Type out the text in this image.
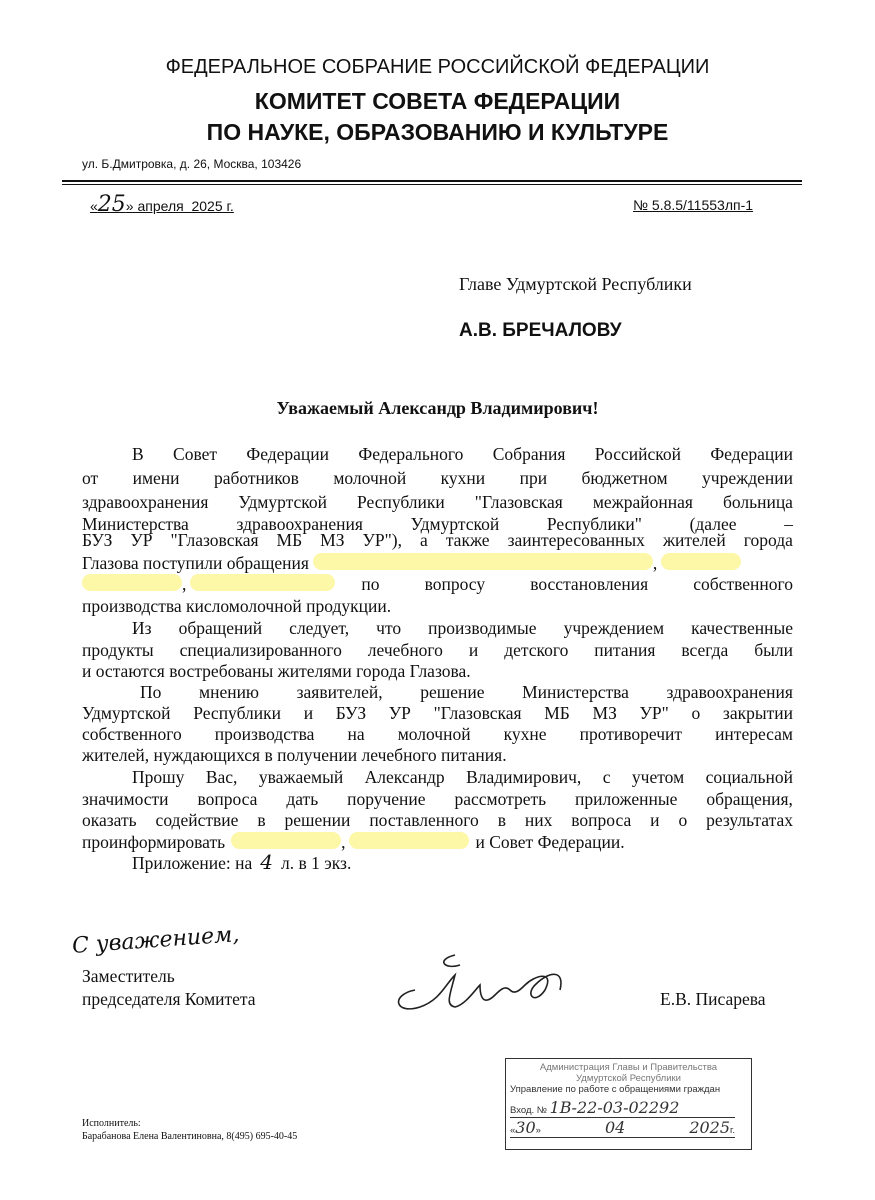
ФЕДЕРАЛЬНОЕ СОБРАНИЕ РОССИЙСКОЙ ФЕДЕРАЦИИ
КОМИТЕТ СОВЕТА ФЕДЕРАЦИИ
ПО НАУКЕ, ОБРАЗОВАНИЮ И КУЛЬТУРЕ
ул. Б.Дмитровка, д. 26, Москва, 103426
«25» апреля  2025 г.	№ 5.8.5/11553лп-1
Главе Удмуртской Республики
А.В. БРЕЧАЛОВУ
Уважаемый Александр Владимирович!
В Совет Федерации Федерального Собрания Российской Федерации
от имени работников молочной кухни при бюджетном учреждении
здравоохранения Удмуртской Республики "Глазовская межрайонная больница
Министерства	здравоохранения	Удмуртской	Республики"	(далее	–
БУЗ УР "Глазовская МБ МЗ УР"), а также заинтересованных жителей города
Глазова поступили обращения	,
,	по вопросу восстановления собственного
производства кисломолочной продукции.
Из обращений следует, что производимые учреждением качественные
продукты специализированного лечебного и детского питания всегда были
и остаются востребованы жителями города Глазова.
По мнению заявителей, решение Министерства здравоохранения
Удмуртской Республики и БУЗ УР "Глазовская МБ МЗ УР" о закрытии
собственного производства на молочной кухне противоречит интересам
жителей, нуждающихся в получении лечебного питания.
Прошу Вас, уважаемый Александр Владимирович, с учетом социальной
значимости вопроса дать поручение рассмотреть приложенные обращения,
оказать содействие в решении поставленного в них вопроса и о результатах
проинформировать	,	и Совет Федерации.
Приложение: на 4 л. в 1 экз.
С уважением,
Заместитель
председателя Комитета	Е.В. Писарева
Администрация Главы и Правительства
Удмуртской Республики
Управление по работе с обращениями граждан
Вход. № 1В-22-03-02292
«30»	04	2025г.
Исполнитель:
Барабанова Елена Валентиновна, 8(495) 695-40-45
